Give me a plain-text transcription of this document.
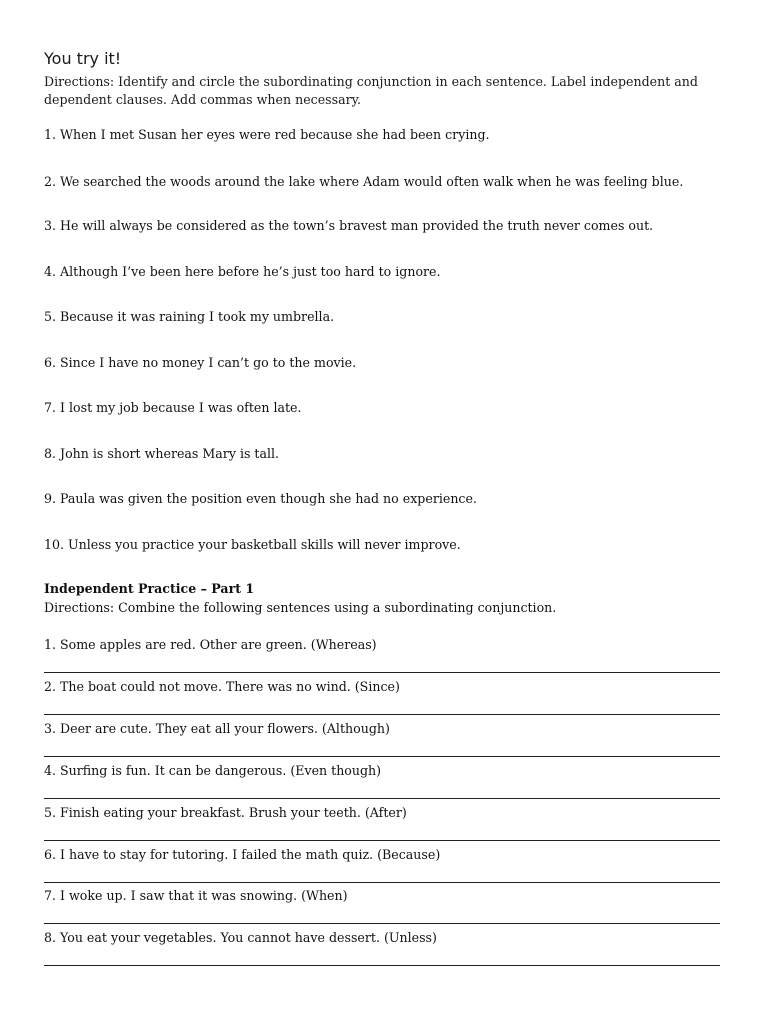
You try it!
Directions: Identify and circle the subordinating conjunction in each sentence. Label independent and dependent clauses. Add commas when necessary.
1. When I met Susan her eyes were red because she had been crying.
2. We searched the woods around the lake where Adam would often walk when he was feeling blue.
3. He will always be considered as the town’s bravest man provided the truth never comes out.
4. Although I’ve been here before he’s just too hard to ignore.
5. Because it was raining I took my umbrella.
6. Since I have no money I can’t go to the movie.
7. I lost my job because I was often late.
8. John is short whereas Mary is tall.
9. Paula was given the position even though she had no experience.
10. Unless you practice your basketball skills will never improve.
Independent Practice – Part 1
Directions: Combine the following sentences using a subordinating conjunction.
1. Some apples are red. Other are green. (Whereas)
2. The boat could not move. There was no wind. (Since)
3. Deer are cute. They eat all your flowers. (Although)
4. Surfing is fun. It can be dangerous. (Even though)
5. Finish eating your breakfast. Brush your teeth. (After)
6. I have to stay for tutoring. I failed the math quiz. (Because)
7. I woke up. I saw that it was snowing. (When)
8. You eat your vegetables. You cannot have dessert. (Unless)
